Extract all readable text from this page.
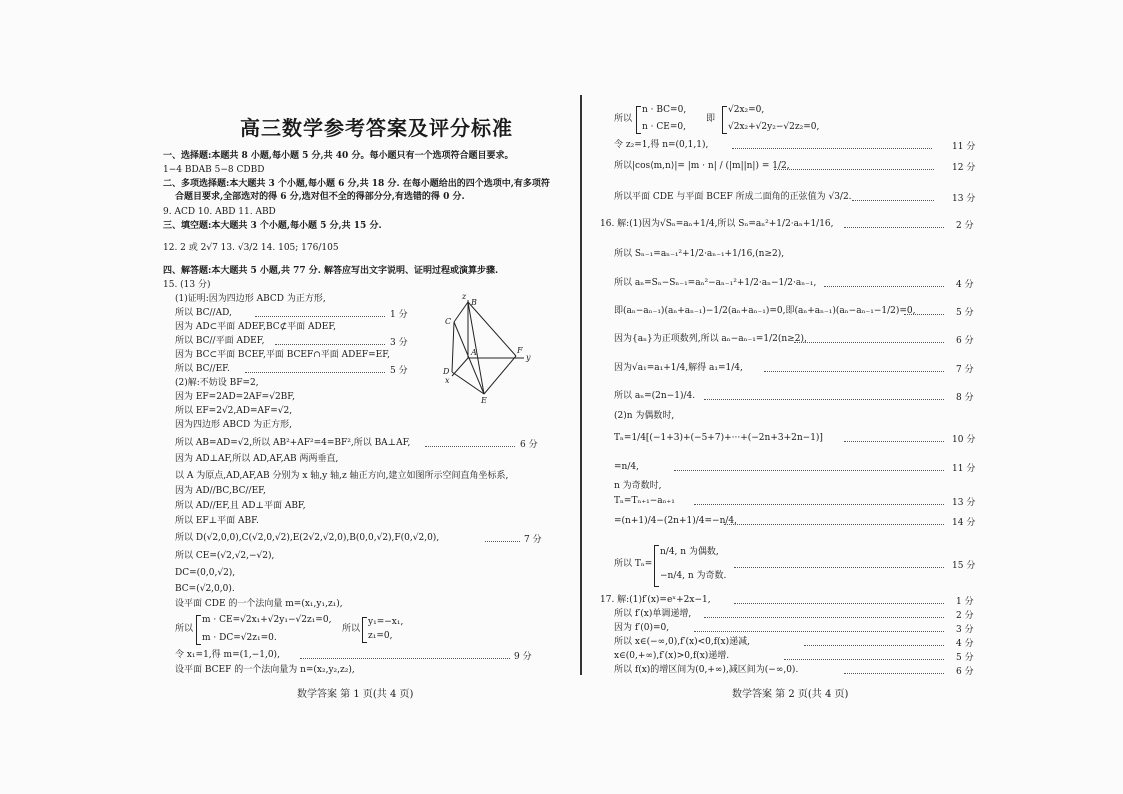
高三数学参考答案及评分标准
一、选择题:本题共 8 小题,每小题 5 分,共 40 分。每小题只有一个选项符合题目要求。
1−4 BDAB 5−8 CDBD
二、多项选择题:本大题共 3 个小题,每小题 6 分,共 18 分. 在每小题给出的四个选项中,有多项符
合题目要求,全部选对的得 6 分,选对但不全的得部分分,有选错的得 0 分.
9. ACD 10. ABD 11. ABD
三、填空题:本大题共 3 个小题,每小题 5 分,共 15 分.
12. 2 或 2√7 13. √3/2 14. 105; 176/105
四、解答题:本大题共 5 小题,共 77 分. 解答应写出文字说明、证明过程或演算步骤.
15. (13 分)
(1)证明:因为四边形 ABCD 为正方形,
所以 BC//AD,	1 分
因为 AD⊂平面 ADEF,BC⊄平面 ADEF,
所以 BC//平面 ADEF,	3 分
因为 BC⊂平面 BCEF,平面 BCEF∩平面 ADEF=EF,
所以 BC//EF.	5 分
(2)解:不妨设 BF=2,
因为 EF=2AD=2AF=√2BF,
所以 EF=2√2,AD=AF=√2,
因为四边形 ABCD 为正方形,
所以 AB=AD=√2,所以 AB²+AF²=4=BF²,所以 BA⊥AF,	6 分
因为 AD⊥AF,所以 AD,AF,AB 两两垂直,
以 A 为原点,AD,AF,AB 分别为 x 轴,y 轴,z 轴正方向,建立如图所示空间直角坐标系,
因为 AD//BC,BC//EF,
所以 AD//EF,且 AD⊥平面 ABF,
所以 EF⊥平面 ABF.
所以 D(√2,0,0),C(√2,0,√2),E(2√2,√2,0),B(0,0,√2),F(0,√2,0),	7 分
所以 CE=(√2,√2,−√2),
DC=(0,0,√2),
BC=(√2,0,0).
设平面 CDE 的一个法向量 m=(x₁,y₁,z₁),
所以
m · CE=√2x₁+√2y₁−√2z₁=0,
m · DC=√2z₁=0.
所以
y₁=−x₁,
z₁=0,
令 x₁=1,得 m=(1,−1,0),	9 分
设平面 BCEF 的一个法向量为 n=(x₂,y₂,z₂),
z
B
C
A	F
y
D
x
E
数学答案 第 1 页(共 4 页)
所以
n · BC=0,
n · CE=0,
即
√2x₂=0,
√2x₂+√2y₂−√2z₂=0,
令 z₂=1,得 n=(0,1,1),	11 分
所以|cos⟨m,n⟩|= |m · n| / (|m||n|) = 1/2,	12 分
所以平面 CDE 与平面 BCEF 所成二面角的正弦值为 √3/2.	13 分
16. 解:(1)因为√Sₙ=aₙ+1/4,所以 Sₙ=aₙ²+1/2·aₙ+1/16,	2 分
所以 Sₙ₋₁=aₙ₋₁²+1/2·aₙ₋₁+1/16,(n≥2),
所以 aₙ=Sₙ−Sₙ₋₁=aₙ²−aₙ₋₁²+1/2·aₙ−1/2·aₙ₋₁,	4 分
即(aₙ−aₙ₋₁)(aₙ+aₙ₋₁)−1/2(aₙ+aₙ₋₁)=0,即(aₙ+aₙ₋₁)(aₙ−aₙ₋₁−1/2)=0,	5 分
因为{aₙ}为正项数列,所以 aₙ−aₙ₋₁=1/2(n≥2),	6 分
因为√a₁=a₁+1/4,解得 a₁=1/4,	7 分
所以 aₙ=(2n−1)/4.	8 分
(2)n 为偶数时,
Tₙ=1/4[(−1+3)+(−5+7)+···+(−2n+3+2n−1)]	10 分
=n/4,	11 分
n 为奇数时,
Tₙ=Tₙ₊₁−aₙ₊₁	13 分
=(n+1)/4−(2n+1)/4=−n/4,	14 分
所以 Tₙ=
n/4, n 为偶数,
−n/4, n 为奇数.
15 分
17. 解:(1)f′(x)=eˣ+2x−1,	1 分
所以 f′(x)单调递增,	2 分
因为 f′(0)=0,	3 分
所以 x∈(−∞,0),f′(x)<0,f(x)递减,	4 分
x∈(0,+∞),f′(x)>0,f(x)递增.	5 分
所以 f(x)的增区间为(0,+∞),减区间为(−∞,0).	6 分
数学答案 第 2 页(共 4 页)
